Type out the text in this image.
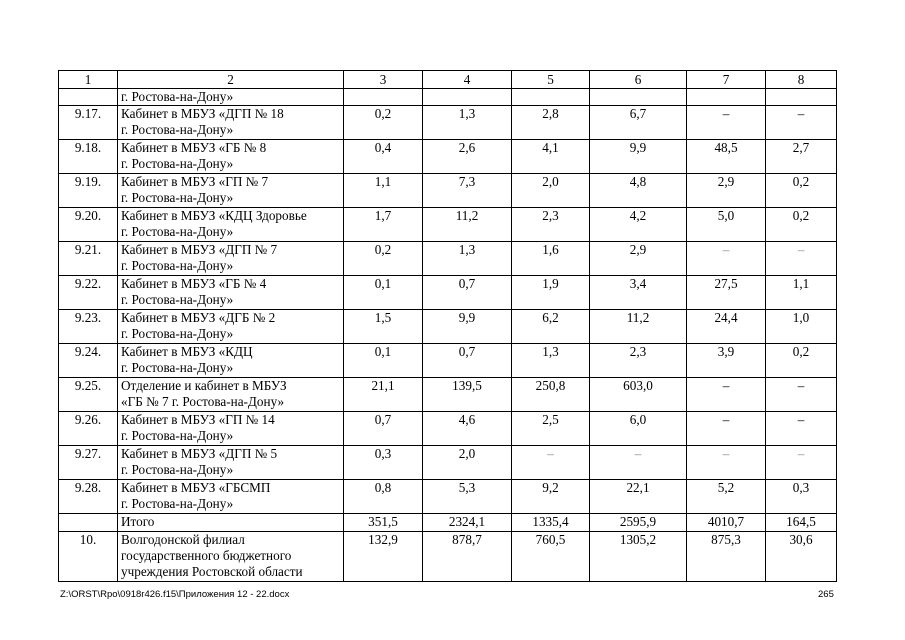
1	2	3	4	5	6	7	8
	г. Ростова-на-Дону»						
9.17.	Кабинет в МБУЗ «ДГП № 18
г. Ростова-на-Дону»	0,2	1,3	2,8	6,7	–	–
9.18.	Кабинет в МБУЗ «ГБ № 8
г. Ростова-на-Дону»	0,4	2,6	4,1	9,9	48,5	2,7
9.19.	Кабинет в МБУЗ «ГП № 7
г. Ростова-на-Дону»	1,1	7,3	2,0	4,8	2,9	0,2
9.20.	Кабинет в МБУЗ «КДЦ Здоровье
г. Ростова-на-Дону»	1,7	11,2	2,3	4,2	5,0	0,2
9.21.	Кабинет в МБУЗ «ДГП № 7
г. Ростова-на-Дону»	0,2	1,3	1,6	2,9	–	–
9.22.	Кабинет в МБУЗ «ГБ № 4
г. Ростова-на-Дону»	0,1	0,7	1,9	3,4	27,5	1,1
9.23.	Кабинет в МБУЗ «ДГБ № 2
г. Ростова-на-Дону»	1,5	9,9	6,2	11,2	24,4	1,0
9.24.	Кабинет в МБУЗ «КДЦ
г. Ростова-на-Дону»	0,1	0,7	1,3	2,3	3,9	0,2
9.25.	Отделение и кабинет в МБУЗ
«ГБ № 7 г. Ростова-на-Дону»	21,1	139,5	250,8	603,0	–	–
9.26.	Кабинет в МБУЗ «ГП № 14
г. Ростова-на-Дону»	0,7	4,6	2,5	6,0	–	–
9.27.	Кабинет в МБУЗ «ДГП № 5
г. Ростова-на-Дону»	0,3	2,0	–	–	–	–
9.28.	Кабинет в МБУЗ «ГБСМП
г. Ростова-на-Дону»	0,8	5,3	9,2	22,1	5,2	0,3
	Итого	351,5	2324,1	1335,4	2595,9	4010,7	164,5
10.	Волгодонской филиал
государственного бюджетного
учреждения Ростовской области	132,9	878,7	760,5	1305,2	875,3	30,6
Z:\ORST\Rpo\0918r426.f15\Приложения 12 - 22.docx	265
